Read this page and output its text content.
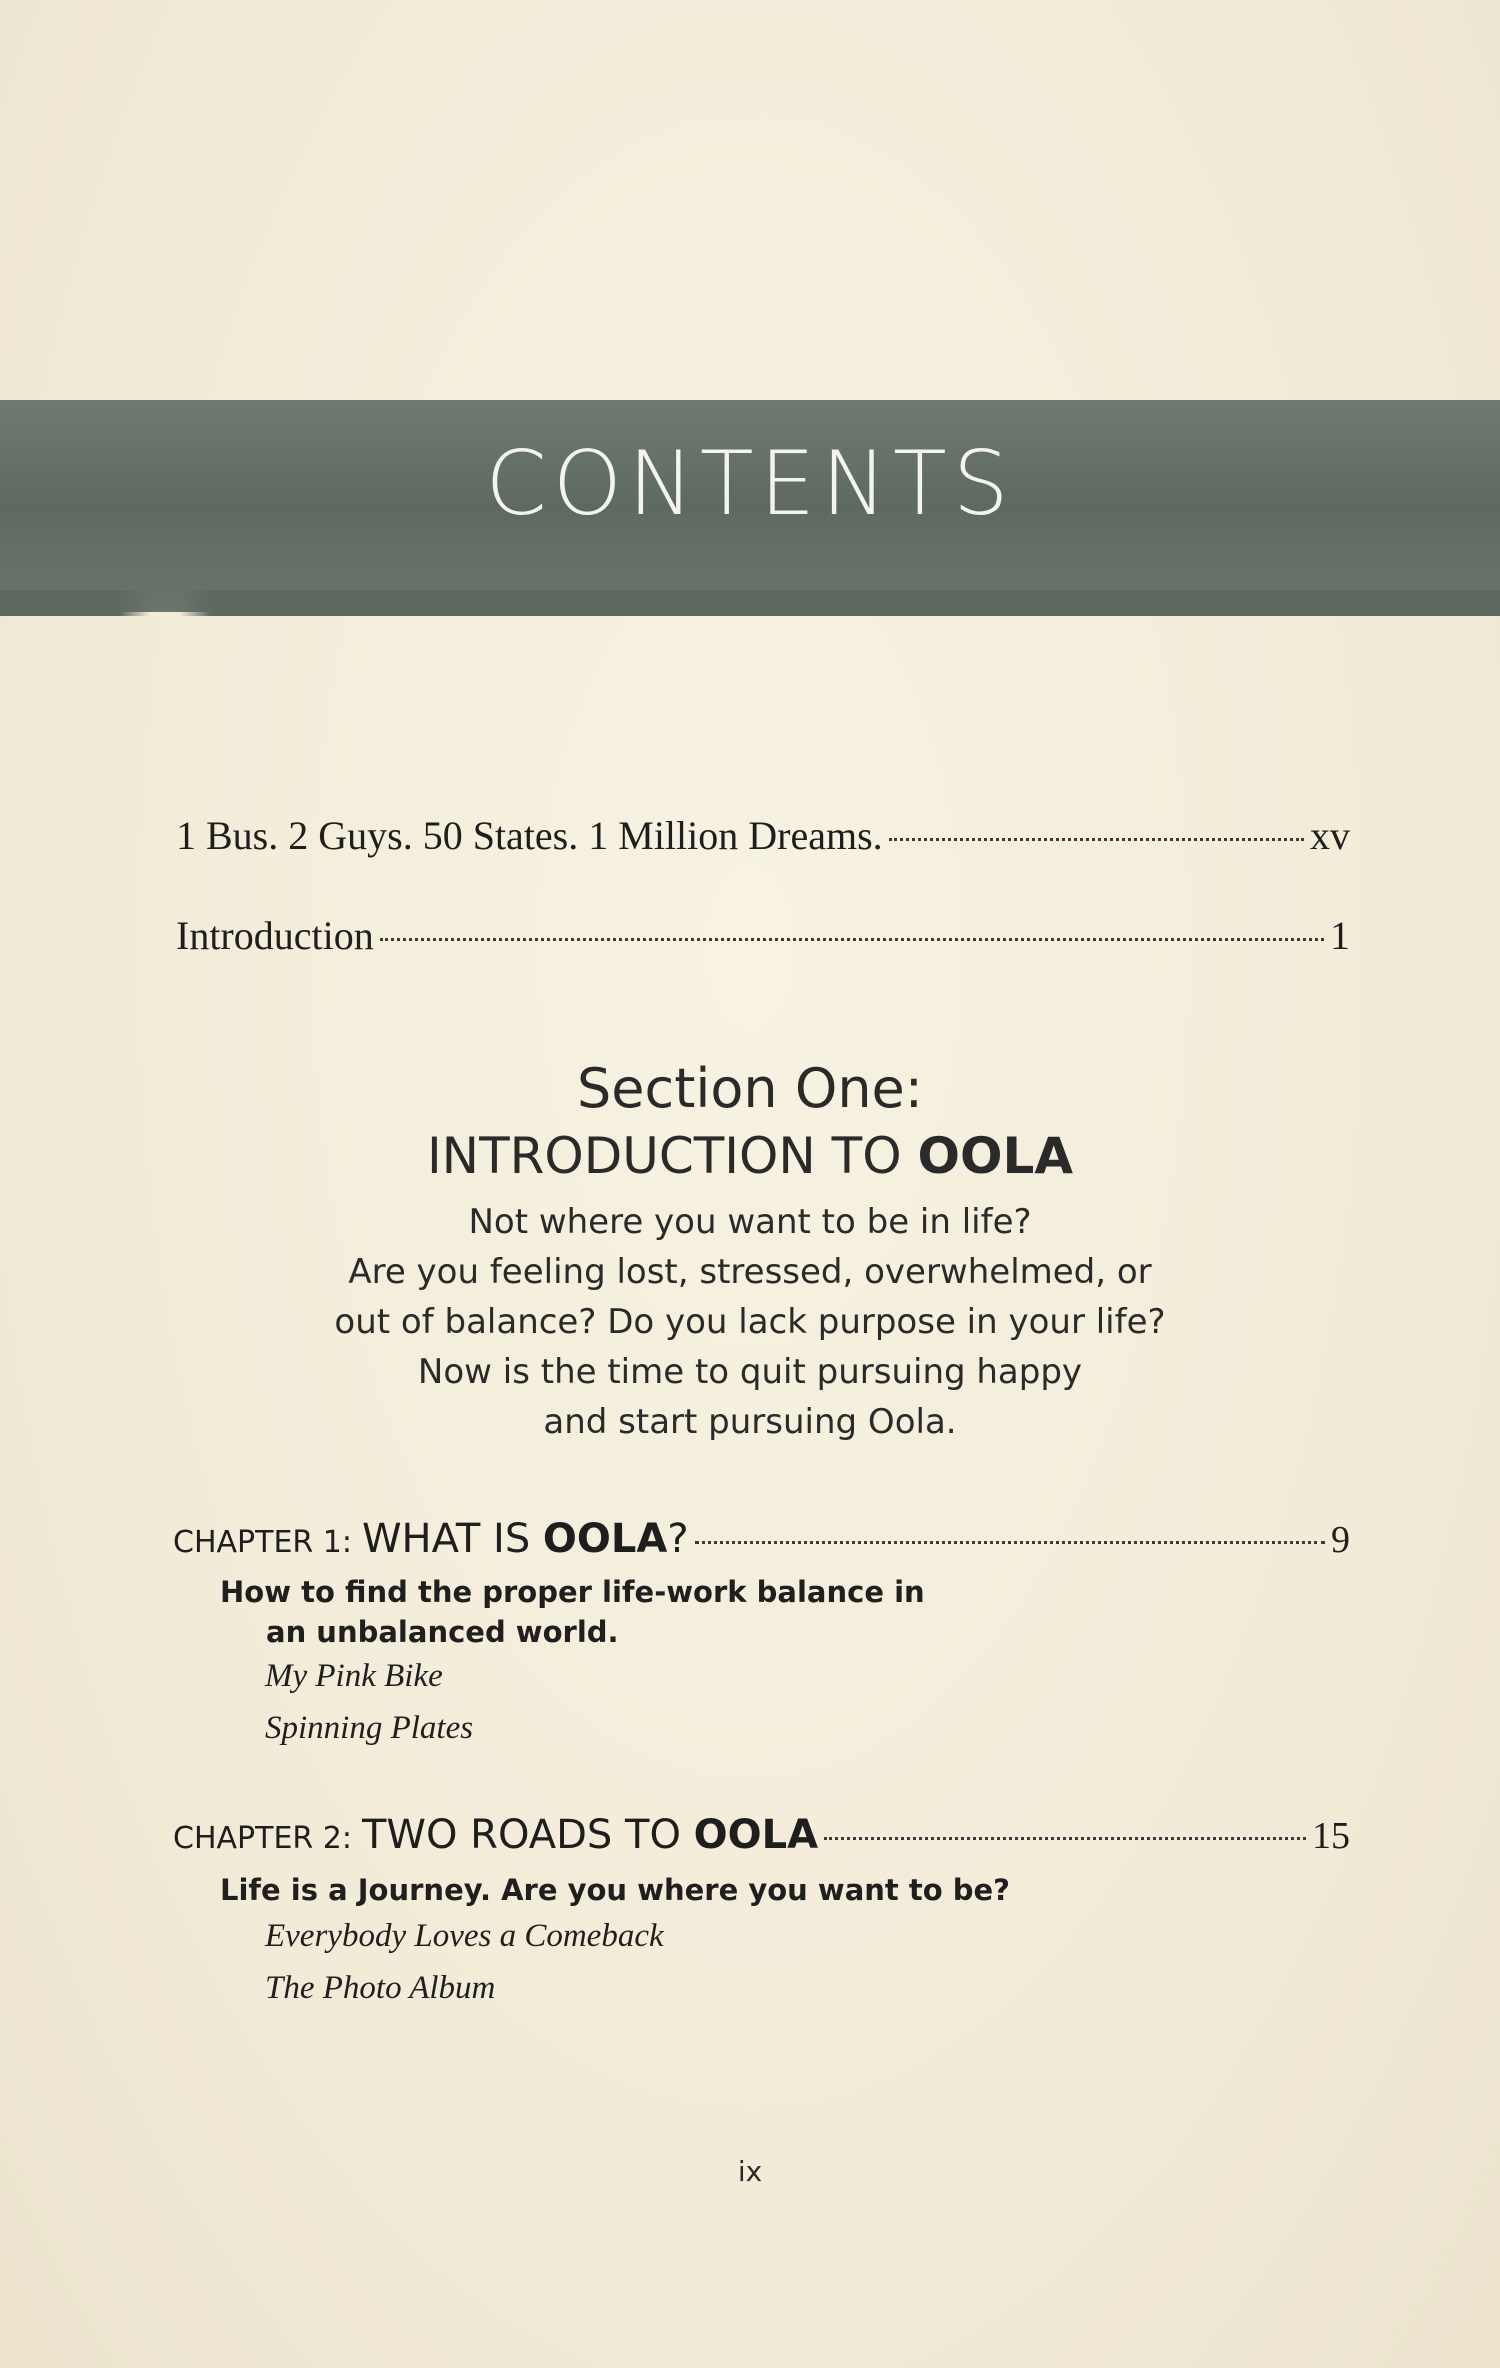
CONTENTS
1 Bus. 2 Guys. 50 States. 1 Million Dreams.	xv
Introduction	1
Section One:
INTRODUCTION TO OOLA
Not where you want to be in life?
Are you feeling lost, stressed, overwhelmed, or
out of balance? Do you lack purpose in your life?
Now is the time to quit pursuing happy
and start pursuing Oola.
CHAPTER 1: WHAT IS OOLA?	9
How to find the proper life-work balance in
an unbalanced world.
My Pink Bike
Spinning Plates
CHAPTER 2: TWO ROADS TO OOLA	15
Life is a Journey. Are you where you want to be?
Everybody Loves a Comeback
The Photo Album
ix
